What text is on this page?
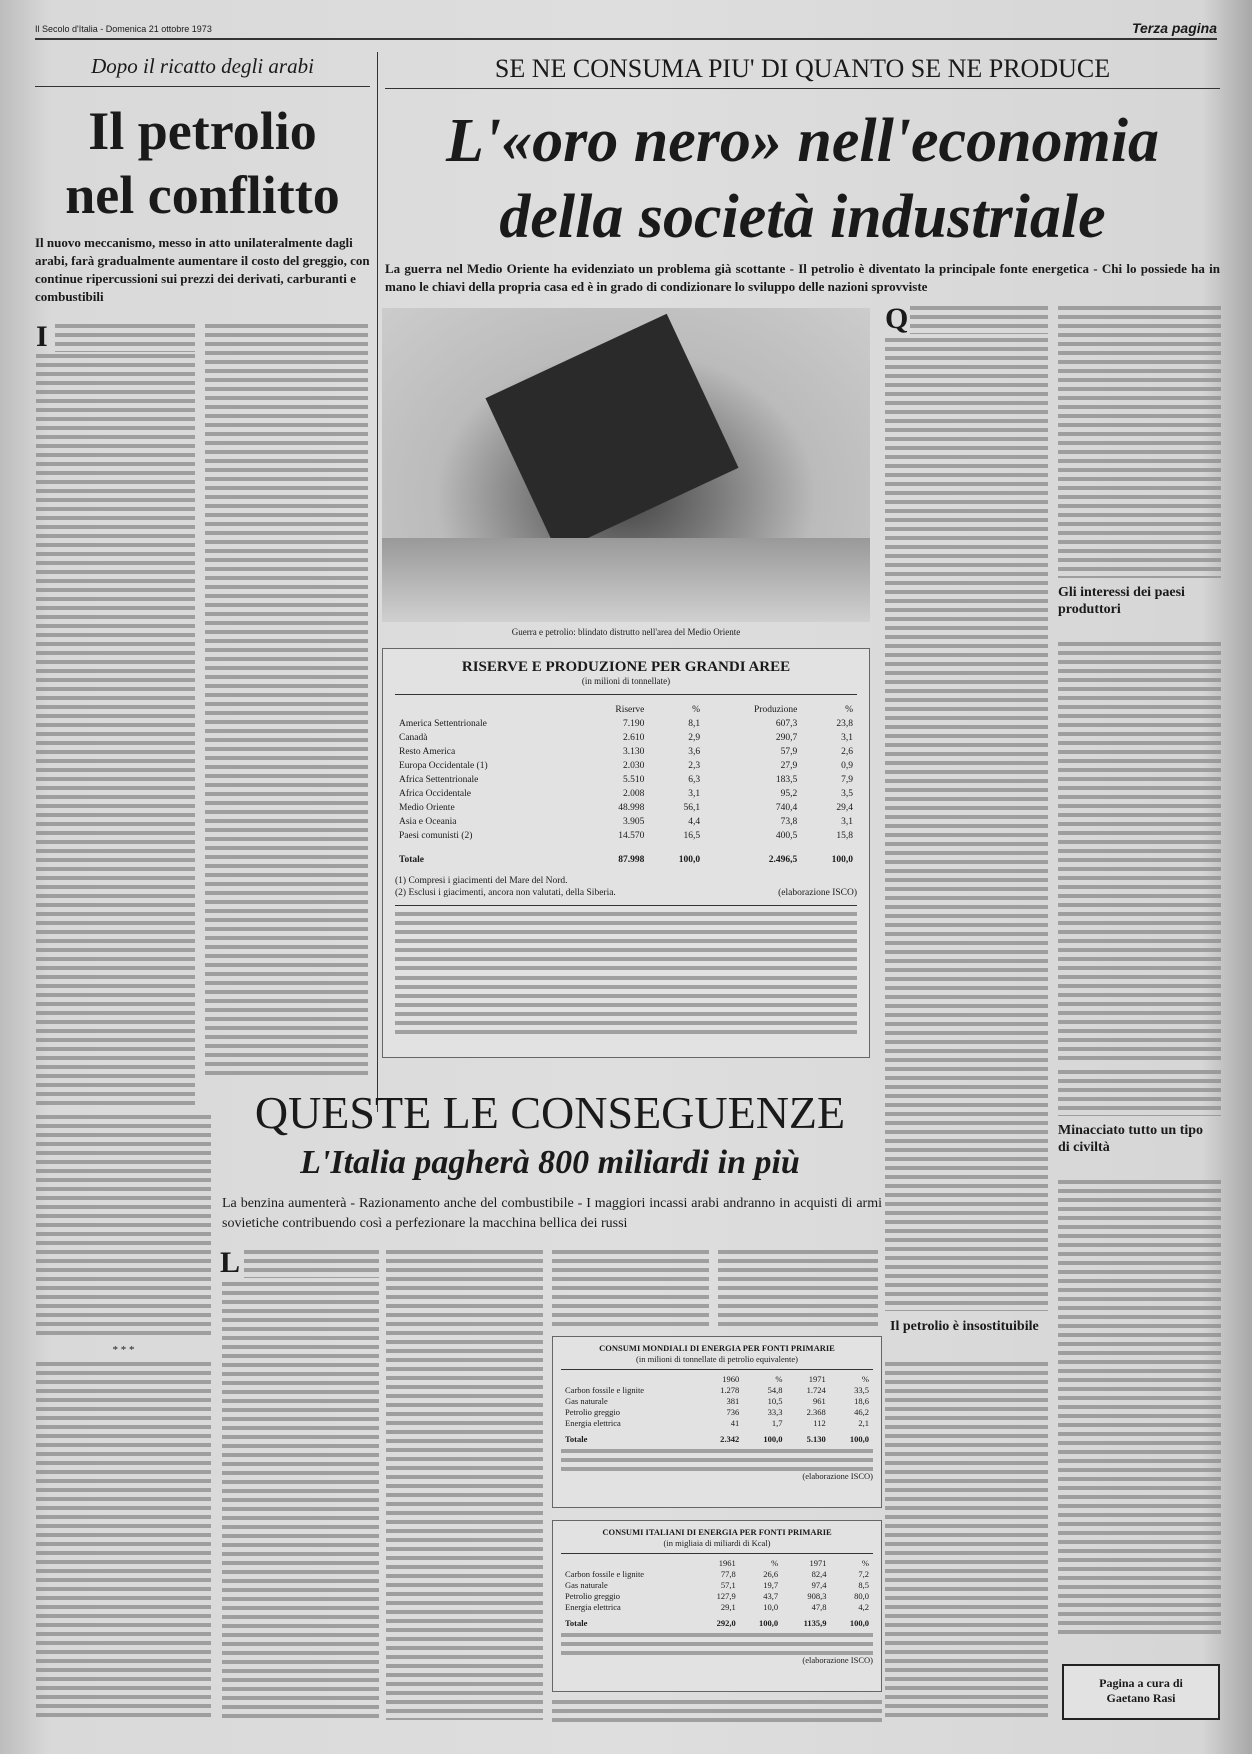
Il Secolo d'Italia - Domenica 21 ottobre 1973	Terza pagina
Dopo il ricatto degli arabi
Il petrolio
nel conflitto
Il nuovo meccanismo, messo in atto unilateralmente dagli arabi, farà gradualmente aumentare il costo del greggio, con continue ripercussioni sui prezzi dei derivati, carburanti e combustibili
I
* * *
SE NE CONSUMA PIU' DI QUANTO SE NE PRODUCE
L'«oro nero» nell'economia
della società industriale
La guerra nel Medio Oriente ha evidenziato un problema già scottante - Il petrolio è diventato la principale fonte energetica - Chi lo possiede ha in mano le chiavi della propria casa ed è in grado di condizionare lo sviluppo delle nazioni sprovviste
Guerra e petrolio: blindato distrutto nell'area del Medio Oriente
RISERVE E PRODUZIONE PER GRANDI AREE
(in milioni di tonnellate)
	Riserve	%	Produzione	%
America Settentrionale	7.190	8,1	607,3	23,8
Canadà	2.610	2,9	290,7	3,1
Resto America	3.130	3,6	57,9	2,6
Europa Occidentale (1)	2.030	2,3	27,9	0,9
Africa Settentrionale	5.510	6,3	183,5	7,9
Africa Occidentale	2.008	3,1	95,2	3,5
Medio Oriente	48.998	56,1	740,4	29,4
Asia e Oceania	3.905	4,4	73,8	3,1
Paesi comunisti (2)	14.570	16,5	400,5	15,8
Totale	87.998	100,0	2.496,5	100,0
(1) Compresi i giacimenti del Mare del Nord.
(2) Esclusi i giacimenti, ancora non valutati, della Siberia.	(elaborazione ISCO)
Q
Gli interessi dei paesi produttori
Minacciato tutto un tipo di civiltà
Il petrolio è insostituibile
Pagina a cura di
Gaetano Rasi
QUESTE LE CONSEGUENZE
L'Italia pagherà 800 miliardi in più
La benzina aumenterà - Razionamento anche del combustibile - I maggiori incassi arabi andranno in acquisti di armi sovietiche contribuendo così a perfezionare la macchina bellica dei russi
L
CONSUMI MONDIALI DI ENERGIA PER FONTI PRIMARIE
(in milioni di tonnellate di petrolio equivalente)
	1960	%	1971	%
Carbon fossile e lignite	1.278	54,8	1.724	33,5
Gas naturale	381	10,5	961	18,6
Petrolio greggio	736	33,3	2.368	46,2
Energia elettrica	41	1,7	112	2,1
Totale	2.342	100,0	5.130	100,0
(elaborazione ISCO)
CONSUMI ITALIANI DI ENERGIA PER FONTI PRIMARIE
(in migliaia di miliardi di Kcal)
	1961	%	1971	%
Carbon fossile e lignite	77,8	26,6	82,4	7,2
Gas naturale	57,1	19,7	97,4	8,5
Petrolio greggio	127,9	43,7	908,3	80,0
Energia elettrica	29,1	10,0	47,8	4,2
Totale	292,0	100,0	1135,9	100,0
(elaborazione ISCO)
